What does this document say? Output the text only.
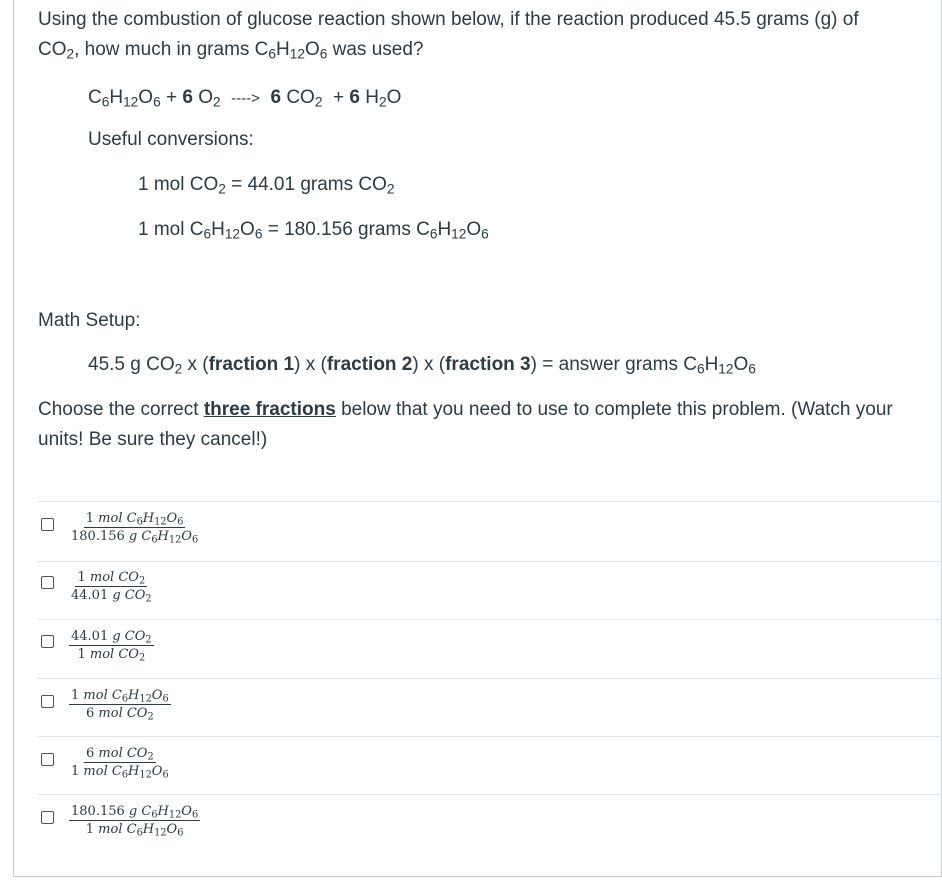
Using the combustion of glucose reaction shown below, if the reaction produced 45.5 grams (g) of
$CO_2$, how much in grams $C_6H_{12}O_6$ was used?
$C_6H_{12}O_6 + 6$ $O_2$ ----> 6 $CO_2 + 6$ $H_2O$
Useful conversions:
1 mol $CO_2 = 44.01$ grams $CO_2$
1 mol $C_6H_{12}O_6 = 180.156$ grams $C_6H_{12}O_6$
Math Setup:
45.5 g $CO_2$ x (fraction 1) x (fraction 2) x (fraction 3) = answer grams $C_6H_{12}O_6$
Choose the correct three fractions below that you need to use to complete this problem. (Watch your units! Be sure they cancel!)
1 mol $C_6H_{12}O_6$
180.156 g $C_6H_{12}O_6$
1 mol $CO_2$
44.01 g $CO_2$
44.01 g $CO_2$
1 mol $CO_2$
1 mol $C_6H_{12}O_6$
6 mol $CO_2$
6 mol $CO_2$
1 mol $C_6H_{12}O_6$
180.156 g $C_6H_{12}O_6$
1 mol $C_6H_{12}O_6$
